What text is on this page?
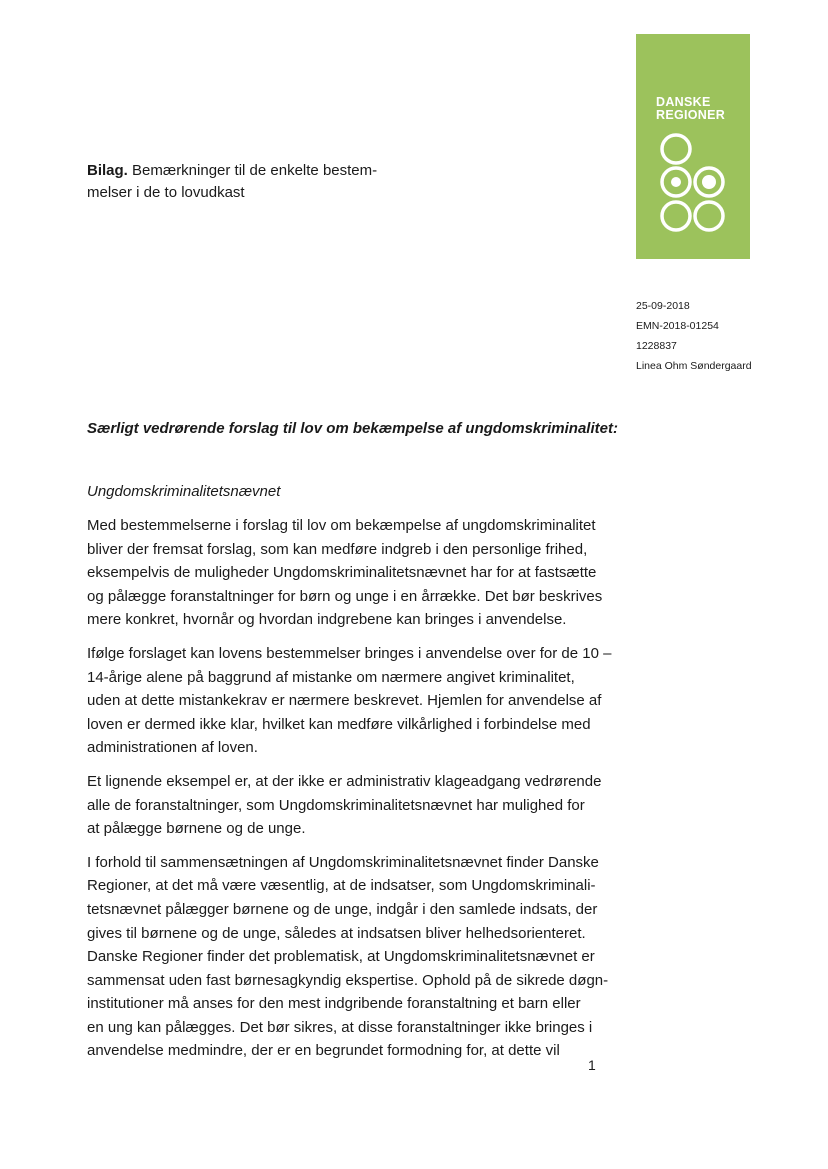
DANSKE
REGIONER
Bilag. Bemærkninger til de enkelte bestem-
melser i de to lovudkast
25-09-2018
EMN-2018-01254
1228837
Linea Ohm Søndergaard
Særligt vedrørende forslag til lov om bekæmpelse af ungdomskriminalitet:
Ungdomskriminalitetsnævnet

Med bestemmelserne i forslag til lov om bekæmpelse af ungdomskriminalitet
bliver der fremsat forslag, som kan medføre indgreb i den personlige frihed,
eksempelvis de muligheder Ungdomskriminalitetsnævnet har for at fastsætte
og pålægge foranstaltninger for børn og unge i en årrække. Det bør beskrives
mere konkret, hvornår og hvordan indgrebene kan bringes i anvendelse.

Ifølge forslaget kan lovens bestemmelser bringes i anvendelse over for de 10 –
14-årige alene på baggrund af mistanke om nærmere angivet kriminalitet,
uden at dette mistankekrav er nærmere beskrevet. Hjemlen for anvendelse af
loven er dermed ikke klar, hvilket kan medføre vilkårlighed i forbindelse med
administrationen af loven.

Et lignende eksempel er, at der ikke er administrativ klageadgang vedrørende
alle de foranstaltninger, som Ungdomskriminalitetsnævnet har mulighed for
at pålægge børnene og de unge.

I forhold til sammensætningen af Ungdomskriminalitetsnævnet finder Danske
Regioner, at det må være væsentlig, at de indsatser, som Ungdomskriminali-
tetsnævnet pålægger børnene og de unge, indgår i den samlede indsats, der
gives til børnene og de unge, således at indsatsen bliver helhedsorienteret.
Danske Regioner finder det problematisk, at Ungdomskriminalitetsnævnet er
sammensat uden fast børnesagkyndig ekspertise. Ophold på de sikrede døgn-
institutioner må anses for den mest indgribende foranstaltning et barn eller
en ung kan pålægges. Det bør sikres, at disse foranstaltninger ikke bringes i
anvendelse medmindre, der er en begrundet formodning for, at dette vil

1
